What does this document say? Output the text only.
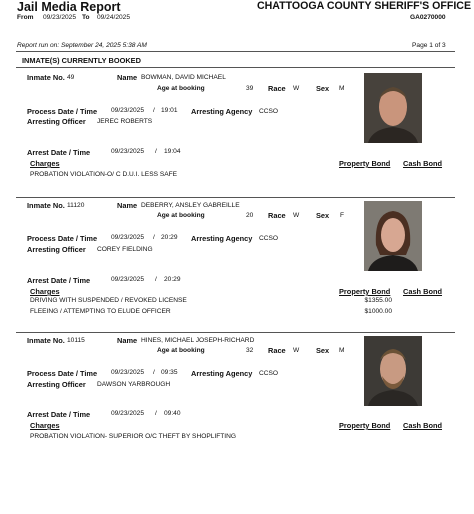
Jail Media Report	CHATTOOGA COUNTY SHERIFF'S OFFICE
From 09/23/2025 To 09/24/2025	GA0270000
Report run on: September 24, 2025 5:38 AM	Page 1 of 3
INMATE(S) CURRENTLY BOOKED
Inmate No. 49	Name BOWMAN, DAVID MICHAEL
Age at booking	39 Race W Sex M
Process Date / Time 09/23/2025 / 19:01 Arresting Agency CCSO
Arresting Officer JEREC ROBERTS
Arrest Date / Time	09/23/2025 / 19:04
Charges	Property Bond Cash Bond
PROBATION VIOLATION-O/ C D.U.I. LESS SAFE
Inmate No. 11120	Name DEBERRY, ANSLEY GABREILLE
Age at booking	20 Race W Sex F
Process Date / Time 09/23/2025 / 20:29 Arresting Agency CCSO
Arresting Officer COREY FIELDING
Arrest Date / Time	09/23/2025 / 20:29
Charges	Property Bond Cash Bond
DRIVING WITH SUSPENDED / REVOKED LICENSE	$1355.00
FLEEING / ATTEMPTING TO ELUDE OFFICER	$1000.00
Inmate No. 10115	Name HINES, MICHAEL JOSEPH-RICHARD
Age at booking	32 Race W Sex M
Process Date / Time 09/23/2025 / 09:35 Arresting Agency CCSO
Arresting Officer DAWSON YARBROUGH
Arrest Date / Time	09/23/2025 / 09:40
Charges	Property Bond Cash Bond
PROBATION VIOLATION- SUPERIOR O/C THEFT BY SHOPLIFTING
